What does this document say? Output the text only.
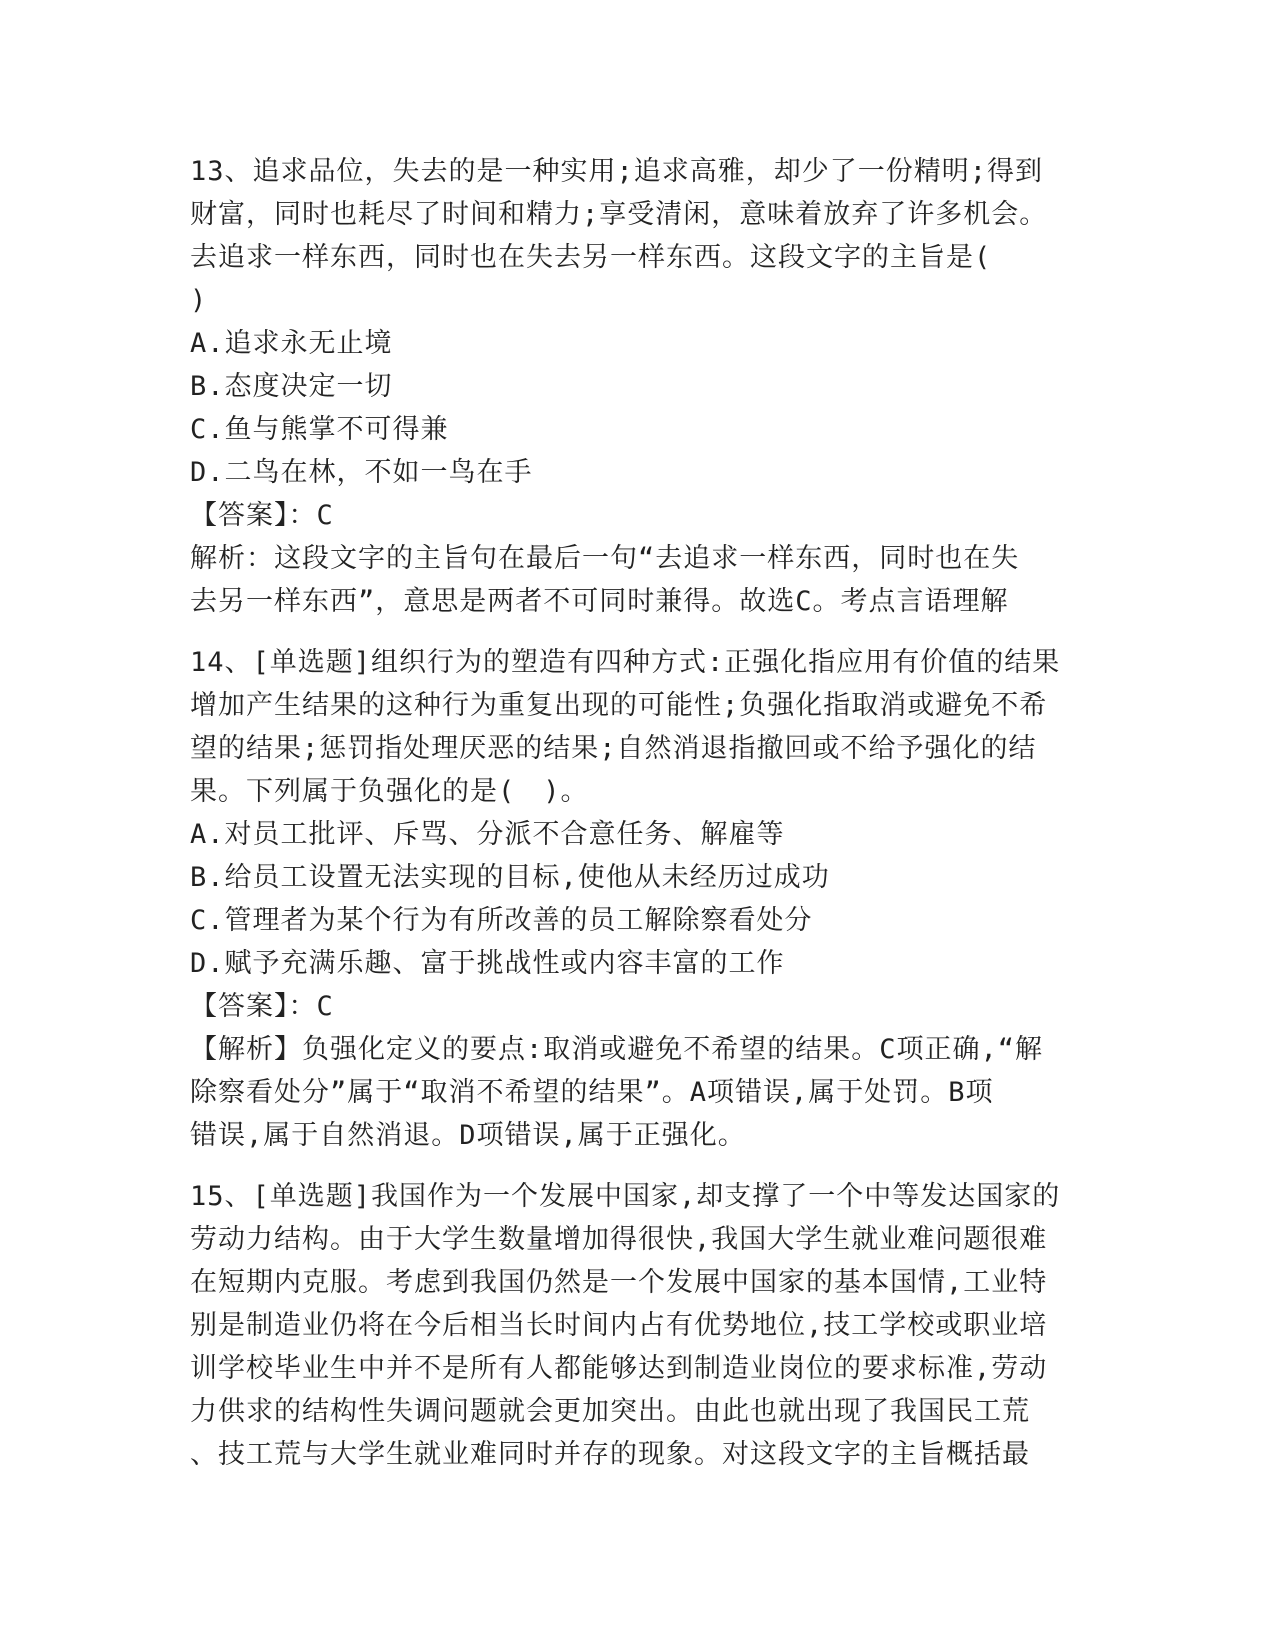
13、追求品位，失去的是一种实用;追求高雅，却少了一份精明;得到
财富，同时也耗尽了时间和精力;享受清闲，意味着放弃了许多机会。
去追求一样东西，同时也在失去另一样东西。这段文字的主旨是(
)
A.追求永无止境
B.态度决定一切
C.鱼与熊掌不可得兼
D.二鸟在林，不如一鸟在手
【答案】：C
解析：这段文字的主旨句在最后一句“去追求一样东西，同时也在失
去另一样东西”，意思是两者不可同时兼得。故选C。考点言语理解
14、[单选题]组织行为的塑造有四种方式:正强化指应用有价值的结果
增加产生结果的这种行为重复出现的可能性;负强化指取消或避免不希
望的结果;惩罚指处理厌恶的结果;自然消退指撤回或不给予强化的结
果。下列属于负强化的是(　)。
A.对员工批评、斥骂、分派不合意任务、解雇等
B.给员工设置无法实现的目标,使他从未经历过成功
C.管理者为某个行为有所改善的员工解除察看处分
D.赋予充满乐趣、富于挑战性或内容丰富的工作
【答案】：C
【解析】负强化定义的要点:取消或避免不希望的结果。C项正确,“解
除察看处分”属于“取消不希望的结果”。A项错误,属于处罚。B项
错误,属于自然消退。D项错误,属于正强化。
15、[单选题]我国作为一个发展中国家,却支撑了一个中等发达国家的
劳动力结构。由于大学生数量增加得很快,我国大学生就业难问题很难
在短期内克服。考虑到我国仍然是一个发展中国家的基本国情,工业特
别是制造业仍将在今后相当长时间内占有优势地位,技工学校或职业培
训学校毕业生中并不是所有人都能够达到制造业岗位的要求标准,劳动
力供求的结构性失调问题就会更加突出。由此也就出现了我国民工荒
、技工荒与大学生就业难同时并存的现象。对这段文字的主旨概括最
